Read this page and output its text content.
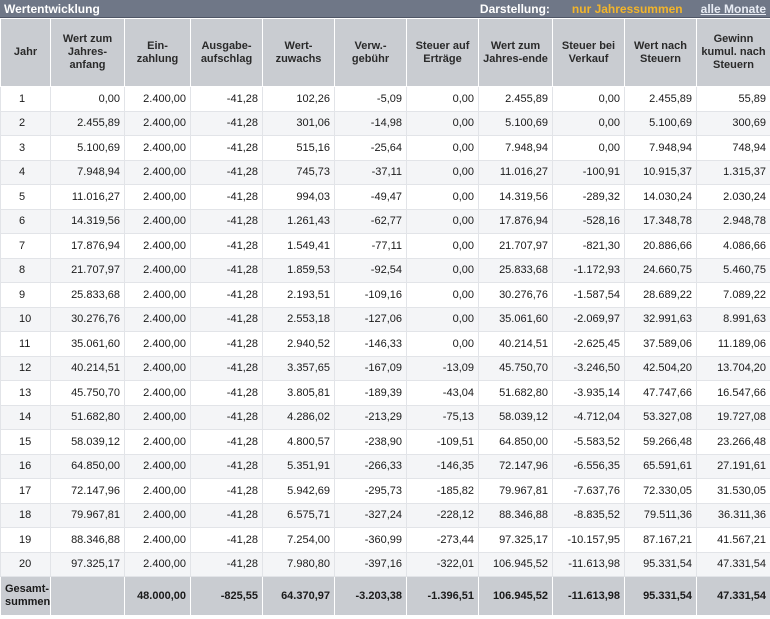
Wertentwicklung	Darstellung: nur Jahressummen alle Monate
Jahr	Wert zum Jahres-anfang	Ein-zahlung	Ausgabe-aufschlag	Wert-zuwachs	Verw.-gebühr	Steuer auf Erträge	Wert zum Jahres-ende	Steuer bei Verkauf	Wert nach Steuern	Gewinn kumul. nach Steuern
1	0,00	2.400,00	-41,28	102,26	-5,09	0,00	2.455,89	0,00	2.455,89	55,89
2	2.455,89	2.400,00	-41,28	301,06	-14,98	0,00	5.100,69	0,00	5.100,69	300,69
3	5.100,69	2.400,00	-41,28	515,16	-25,64	0,00	7.948,94	0,00	7.948,94	748,94
4	7.948,94	2.400,00	-41,28	745,73	-37,11	0,00	11.016,27	-100,91	10.915,37	1.315,37
5	11.016,27	2.400,00	-41,28	994,03	-49,47	0,00	14.319,56	-289,32	14.030,24	2.030,24
6	14.319,56	2.400,00	-41,28	1.261,43	-62,77	0,00	17.876,94	-528,16	17.348,78	2.948,78
7	17.876,94	2.400,00	-41,28	1.549,41	-77,11	0,00	21.707,97	-821,30	20.886,66	4.086,66
8	21.707,97	2.400,00	-41,28	1.859,53	-92,54	0,00	25.833,68	-1.172,93	24.660,75	5.460,75
9	25.833,68	2.400,00	-41,28	2.193,51	-109,16	0,00	30.276,76	-1.587,54	28.689,22	7.089,22
10	30.276,76	2.400,00	-41,28	2.553,18	-127,06	0,00	35.061,60	-2.069,97	32.991,63	8.991,63
11	35.061,60	2.400,00	-41,28	2.940,52	-146,33	0,00	40.214,51	-2.625,45	37.589,06	11.189,06
12	40.214,51	2.400,00	-41,28	3.357,65	-167,09	-13,09	45.750,70	-3.246,50	42.504,20	13.704,20
13	45.750,70	2.400,00	-41,28	3.805,81	-189,39	-43,04	51.682,80	-3.935,14	47.747,66	16.547,66
14	51.682,80	2.400,00	-41,28	4.286,02	-213,29	-75,13	58.039,12	-4.712,04	53.327,08	19.727,08
15	58.039,12	2.400,00	-41,28	4.800,57	-238,90	-109,51	64.850,00	-5.583,52	59.266,48	23.266,48
16	64.850,00	2.400,00	-41,28	5.351,91	-266,33	-146,35	72.147,96	-6.556,35	65.591,61	27.191,61
17	72.147,96	2.400,00	-41,28	5.942,69	-295,73	-185,82	79.967,81	-7.637,76	72.330,05	31.530,05
18	79.967,81	2.400,00	-41,28	6.575,71	-327,24	-228,12	88.346,88	-8.835,52	79.511,36	36.311,36
19	88.346,88	2.400,00	-41,28	7.254,00	-360,99	-273,44	97.325,17	-10.157,95	87.167,21	41.567,21
20	97.325,17	2.400,00	-41,28	7.980,80	-397,16	-322,01	106.945,52	-11.613,98	95.331,54	47.331,54
Gesamt-summen		48.000,00	-825,55	64.370,97	-3.203,38	-1.396,51	106.945,52	-11.613,98	95.331,54	47.331,54
